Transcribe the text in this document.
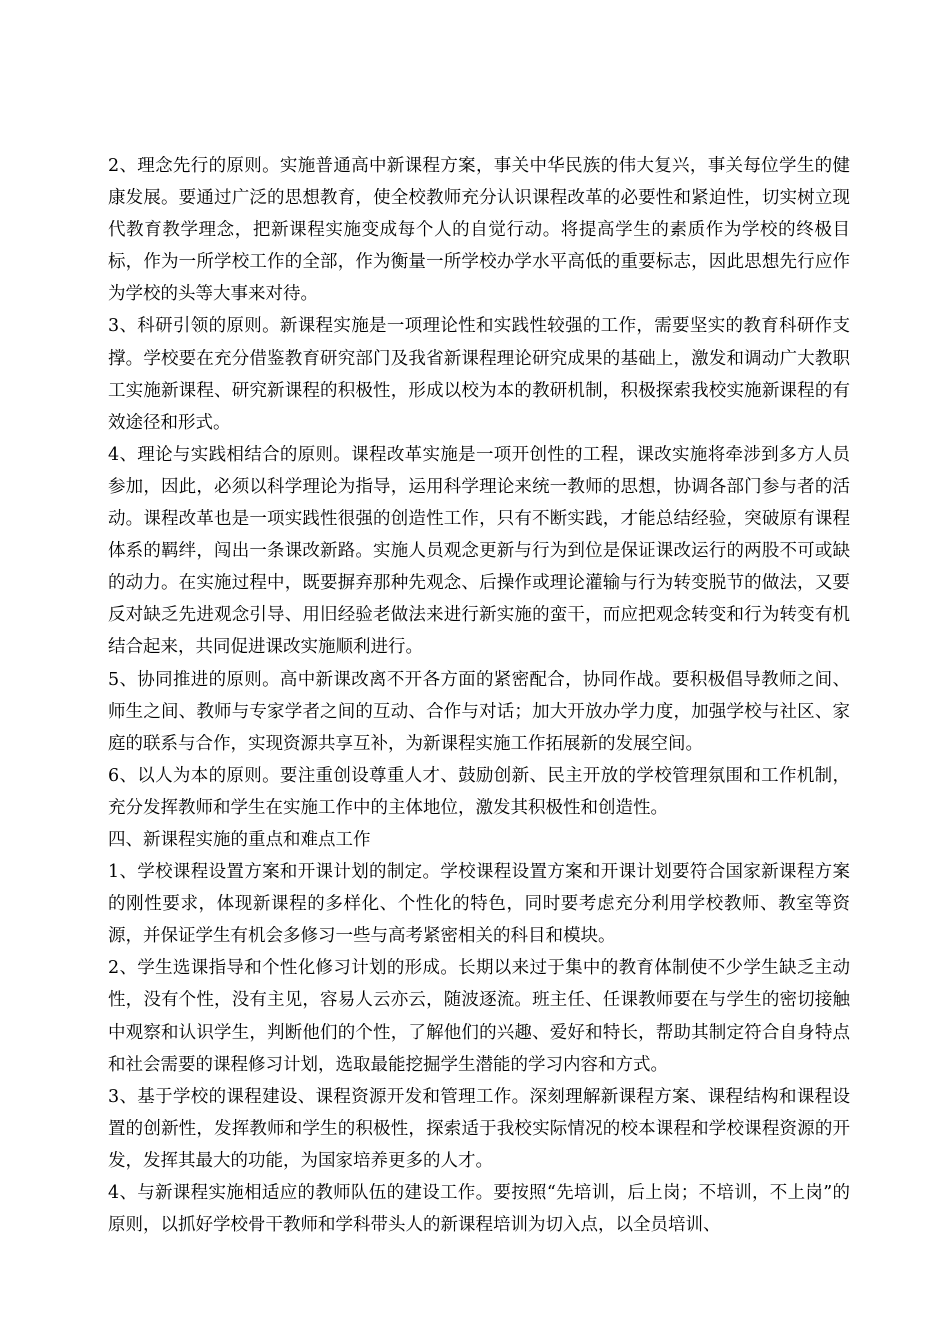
2、理念先行的原则。实施普通高中新课程方案，事关中华民族的伟大复兴，事关每位学生的健康发展。要通过广泛的思想教育，使全校教师充分认识课程改革的必要性和紧迫性，切实树立现代教育教学理念，把新课程实施变成每个人的自觉行动。将提高学生的素质作为学校的终极目标，作为一所学校工作的全部，作为衡量一所学校办学水平高低的重要标志，因此思想先行应作为学校的头等大事来对待。

3、科研引领的原则。新课程实施是一项理论性和实践性较强的工作，需要坚实的教育科研作支撑。学校要在充分借鉴教育研究部门及我省新课程理论研究成果的基础上，激发和调动广大教职工实施新课程、研究新课程的积极性，形成以校为本的教研机制，积极探索我校实施新课程的有效途径和形式。

4、理论与实践相结合的原则。课程改革实施是一项开创性的工程，课改实施将牵涉到多方人员参加，因此，必须以科学理论为指导，运用科学理论来统一教师的思想，协调各部门参与者的活动。课程改革也是一项实践性很强的创造性工作，只有不断实践，才能总结经验，突破原有课程体系的羁绊，闯出一条课改新路。实施人员观念更新与行为到位是保证课改运行的两股不可或缺的动力。在实施过程中，既要摒弃那种先观念、后操作或理论灌输与行为转变脱节的做法，又要反对缺乏先进观念引导、用旧经验老做法来进行新实施的蛮干，而应把观念转变和行为转变有机结合起来，共同促进课改实施顺利进行。

5、协同推进的原则。高中新课改离不开各方面的紧密配合，协同作战。要积极倡导教师之间、师生之间、教师与专家学者之间的互动、合作与对话；加大开放办学力度，加强学校与社区、家庭的联系与合作，实现资源共享互补，为新课程实施工作拓展新的发展空间。

6、以人为本的原则。要注重创设尊重人才、鼓励创新、民主开放的学校管理氛围和工作机制，充分发挥教师和学生在实施工作中的主体地位，激发其积极性和创造性。

四、新课程实施的重点和难点工作

1、学校课程设置方案和开课计划的制定。学校课程设置方案和开课计划要符合国家新课程方案的刚性要求，体现新课程的多样化、个性化的特色，同时要考虑充分利用学校教师、教室等资源，并保证学生有机会多修习一些与高考紧密相关的科目和模块。

2、学生选课指导和个性化修习计划的形成。长期以来过于集中的教育体制使不少学生缺乏主动性，没有个性，没有主见，容易人云亦云，随波逐流。班主任、任课教师要在与学生的密切接触中观察和认识学生，判断他们的个性，了解他们的兴趣、爱好和特长，帮助其制定符合自身特点和社会需要的课程修习计划，选取最能挖掘学生潜能的学习内容和方式。

3、基于学校的课程建设、课程资源开发和管理工作。深刻理解新课程方案、课程结构和课程设置的创新性，发挥教师和学生的积极性，探索适于我校实际情况的校本课程和学校课程资源的开发，发挥其最大的功能，为国家培养更多的人才。

4、与新课程实施相适应的教师队伍的建设工作。要按照“先培训，后上岗；不培训，不上岗”的原则，以抓好学校骨干教师和学科带头人的新课程培训为切入点，以全员培训、
